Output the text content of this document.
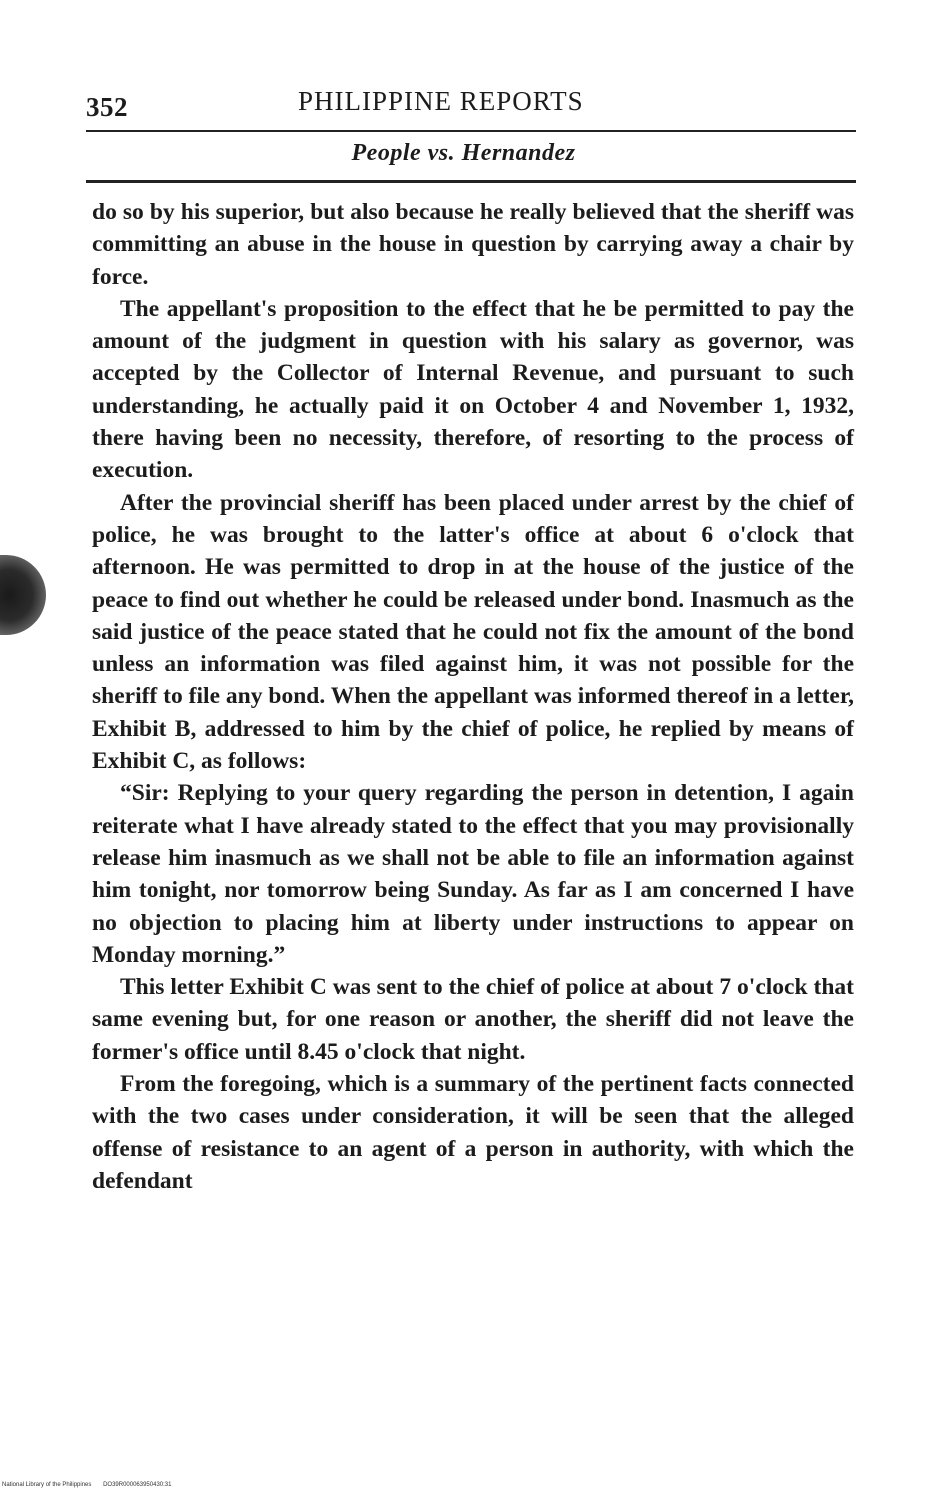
352	PHILIPPINE REPORTS
People vs. Hernandez

do so by his superior, but also because he really believed that the sheriff was committing an abuse in the house in question by carrying away a chair by force.

The appellant's proposition to the effect that he be permitted to pay the amount of the judgment in question with his salary as governor, was accepted by the Collector of Internal Revenue, and pursuant to such understanding, he actually paid it on October 4 and November 1, 1932, there having been no necessity, therefore, of resorting to the process of execution.

After the provincial sheriff has been placed under arrest by the chief of police, he was brought to the latter's office at about 6 o'clock that afternoon. He was permitted to drop in at the house of the justice of the peace to find out whether he could be released under bond. Inasmuch as the said justice of the peace stated that he could not fix the amount of the bond unless an information was filed against him, it was not possible for the sheriff to file any bond. When the appellant was informed thereof in a letter, Exhibit B, addressed to him by the chief of police, he replied by means of Exhibit C, as follows:

“Sir: Replying to your query regarding the person in detention, I again reiterate what I have already stated to the effect that you may provisionally release him inasmuch as we shall not be able to file an information against him tonight, nor tomorrow being Sunday. As far as I am concerned I have no objection to placing him at liberty under instructions to appear on Monday morning.”

This letter Exhibit C was sent to the chief of police at about 7 o'clock that same evening but, for one reason or another, the sheriff did not leave the former's office until 8.45 o'clock that night.

From the foregoing, which is a summary of the pertinent facts connected with the two cases under consideration, it will be seen that the alleged offense of resistance to an agent of a person in authority, with which the defendant

National Library of the Philippines DO39R000063950430:31
